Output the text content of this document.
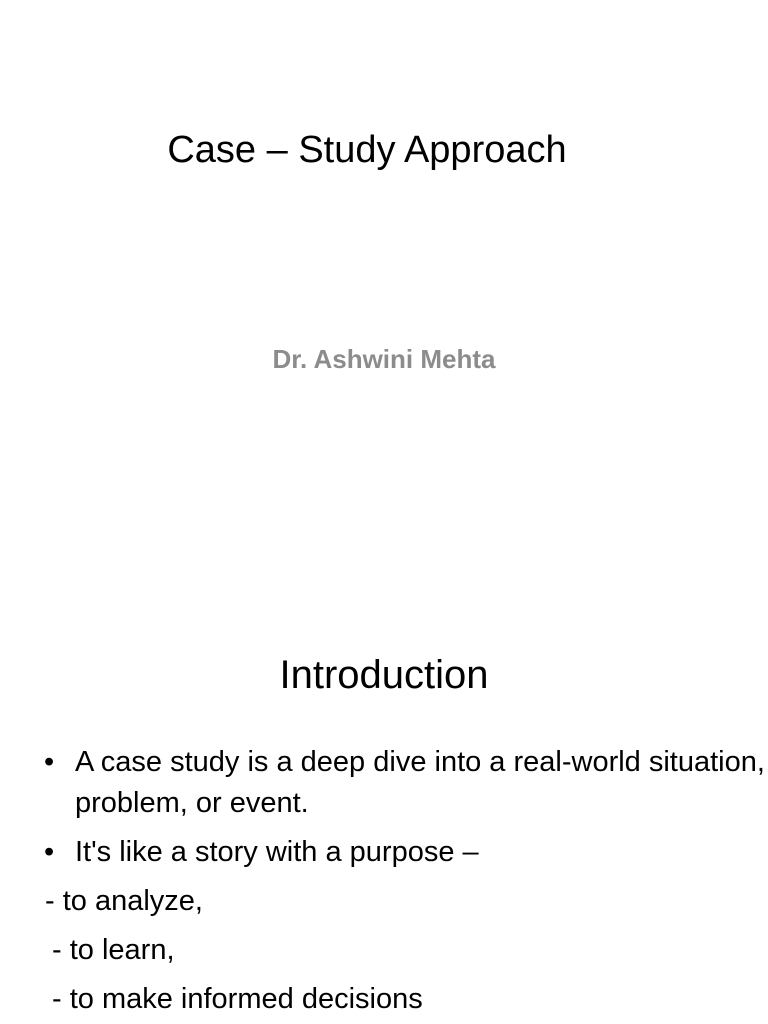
Case – Study Approach

Dr. Ashwini Mehta

Introduction
• A case study is a deep dive into a real-world situation, problem, or event.
• It's like a story with a purpose –
- to analyze,
- to learn,
- to make informed decisions
